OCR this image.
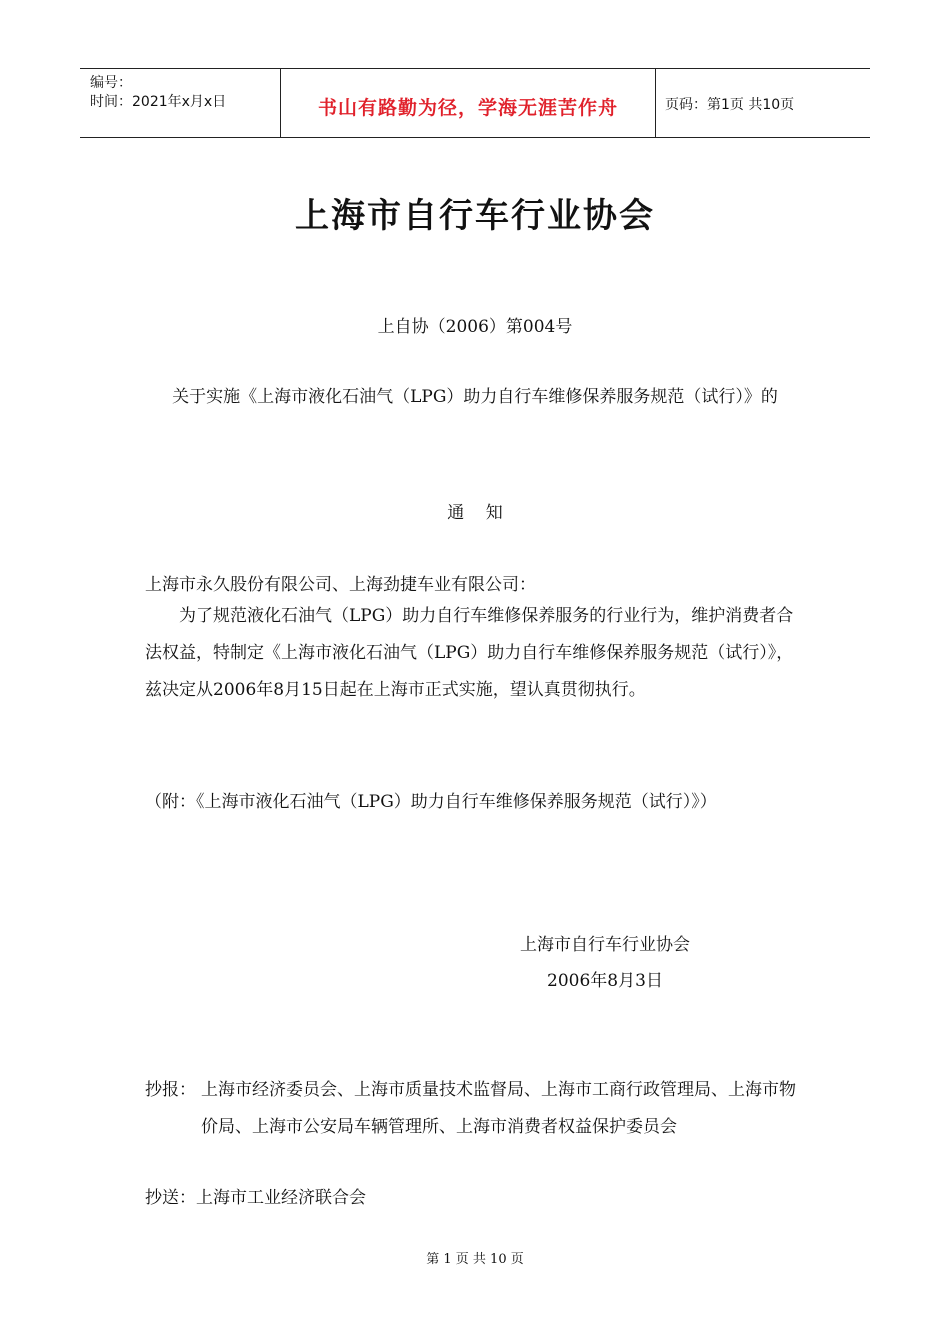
编号：
时间：2021年x月x日	书山有路勤为径，学海无涯苦作舟	页码：第1页 共10页
上海市自行车行业协会
上自协（2006）第004号
关于实施《上海市液化石油气（LPG）助力自行车维修保养服务规范（试行）》的
通    知
上海市永久股份有限公司、上海劲捷车业有限公司：
为了规范液化石油气（LPG）助力自行车维修保养服务的行业行为，维护消费者合法权益，特制定《上海市液化石油气（LPG）助力自行车维修保养服务规范（试行）》，兹决定从2006年8月15日起在上海市正式实施，望认真贯彻执行。
（附：《上海市液化石油气（LPG）助力自行车维修保养服务规范（试行）》）
上海市自行车行业协会
2006年8月3日
抄报： 上海市经济委员会、上海市质量技术监督局、上海市工商行政管理局、上海市物价局、上海市公安局车辆管理所、上海市消费者权益保护委员会
抄送：上海市工业经济联合会
第 1 页 共 10 页
